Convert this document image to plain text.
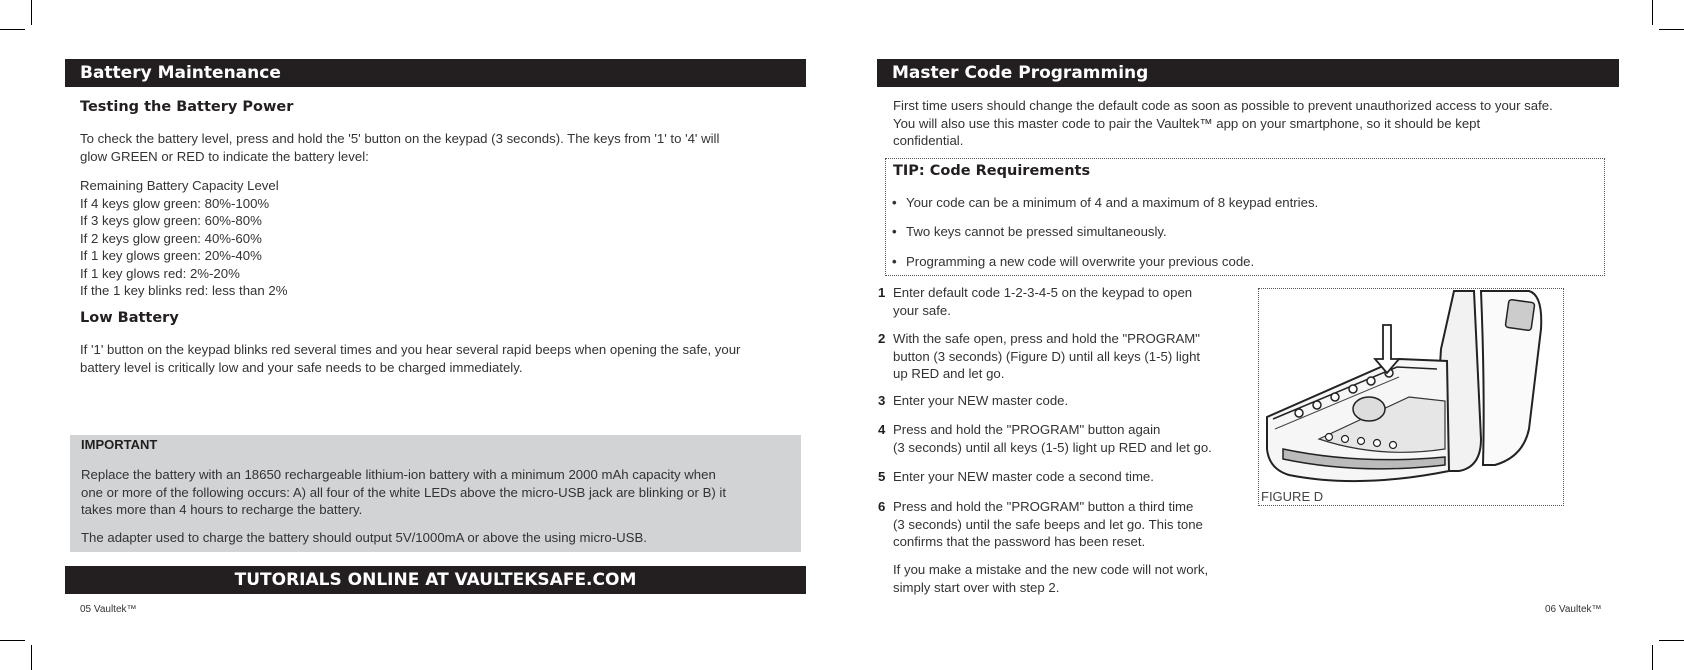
Battery Maintenance
Testing the Battery Power
To check the battery level, press and hold the '5' button on the keypad (3 seconds). The keys from '1' to '4' will
glow GREEN or RED to indicate the battery level:
Remaining Battery Capacity Level
If 4 keys glow green: 80%-100%
If 3 keys glow green: 60%-80%
If 2 keys glow green: 40%-60%
If 1 key glows green: 20%-40%
If 1 key glows red: 2%-20%
If the 1 key blinks red: less than 2%
Low Battery
If '1' button on the keypad blinks red several times and you hear several rapid beeps when opening the safe, your
battery level is critically low and your safe needs to be charged immediately.
IMPORTANT
Replace the battery with an 18650 rechargeable lithium-ion battery with a minimum 2000 mAh capacity when
one or more of the following occurs: A) all four of the white LEDs above the micro-USB jack are blinking or B) it
takes more than 4 hours to recharge the battery.
The adapter used to charge the battery should output 5V/1000mA or above the using micro-USB.
TUTORIALS ONLINE AT VAULTEKSAFE.COM
05 Vaultek™
Master Code Programming
First time users should change the default code as soon as possible to prevent unauthorized access to your safe.
You will also use this master code to pair the Vaultek™ app on your smartphone, so it should be kept
confidential.
TIP: Code Requirements
• Your code can be a minimum of 4 and a maximum of 8 keypad entries.
• Two keys cannot be pressed simultaneously.
• Programming a new code will overwrite your previous code.
1 Enter default code 1-2-3-4-5 on the keypad to open
your safe.
2 With the safe open, press and hold the "PROGRAM"
button (3 seconds) (Figure D) until all keys (1-5) light
up RED and let go.
3 Enter your NEW master code.
4 Press and hold the "PROGRAM" button again
(3 seconds) until all keys (1-5) light up RED and let go.
5 Enter your NEW master code a second time.
6 Press and hold the "PROGRAM" button a third time
(3 seconds) until the safe beeps and let go. This tone
confirms that the password has been reset.
If you make a mistake and the new code will not work,
simply start over with step 2.
FIGURE D
06 Vaultek™
